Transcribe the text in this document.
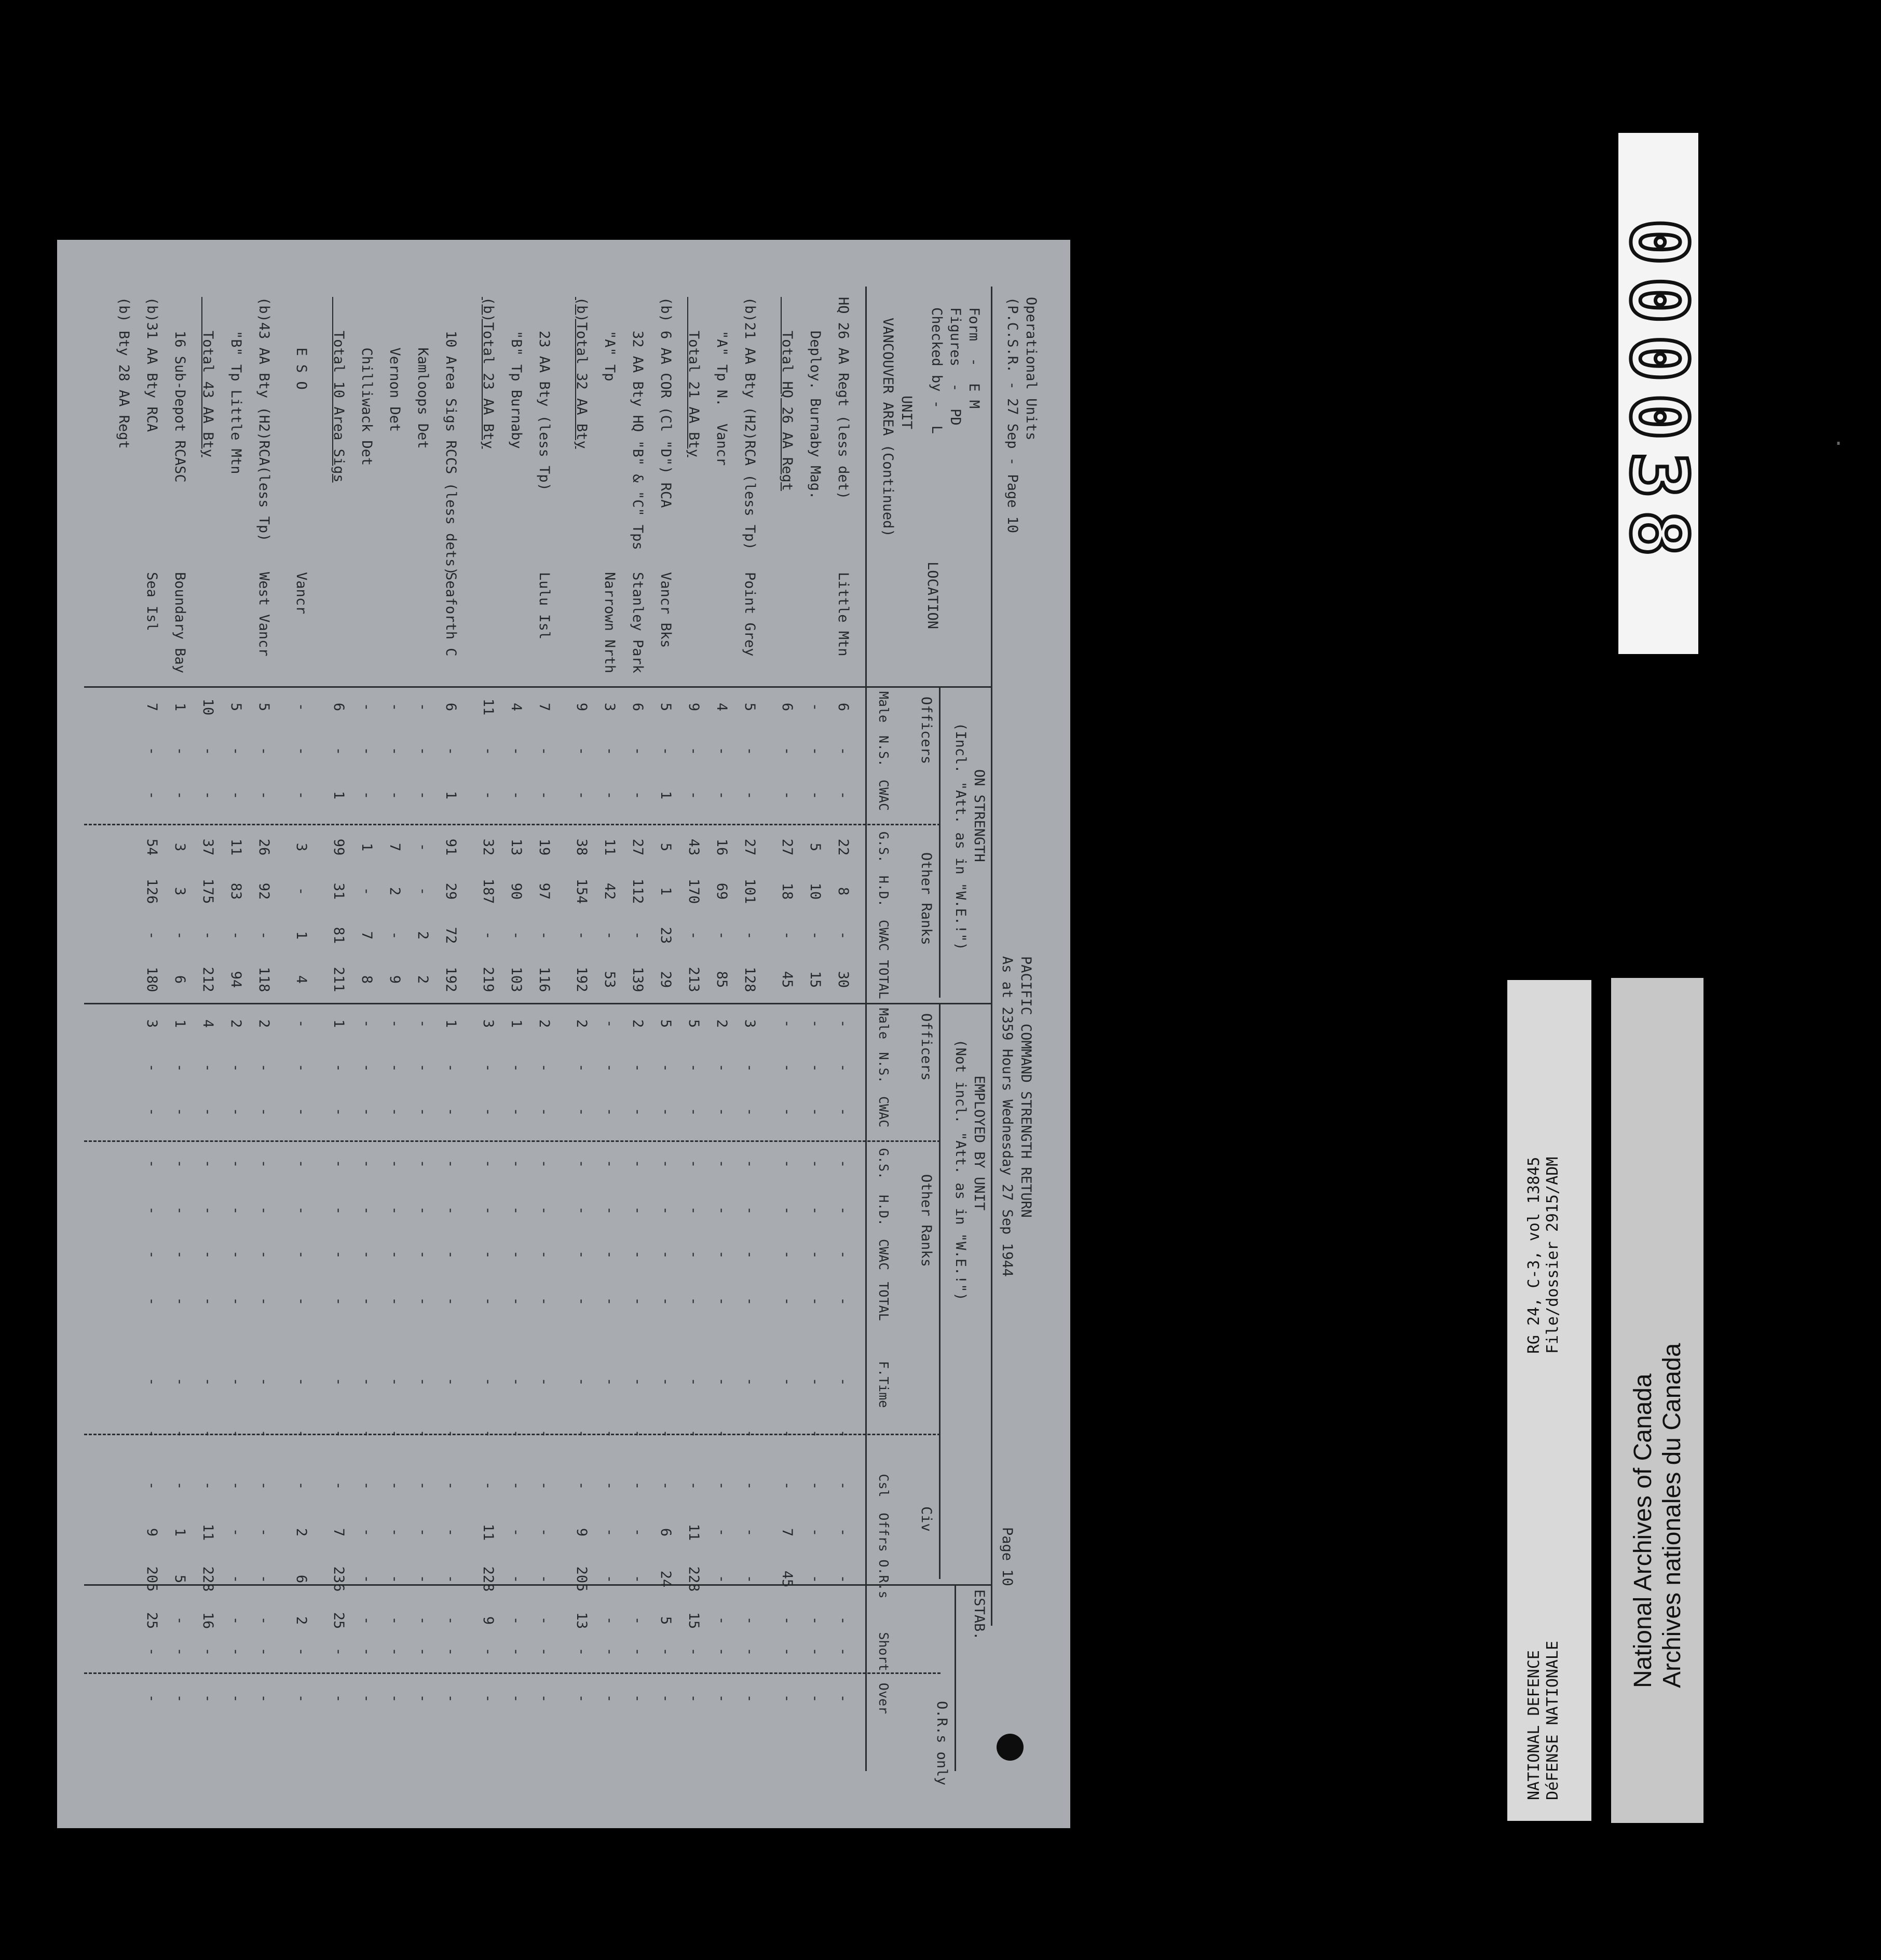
Operational Units
(P.C.S.R. - 27 Sep - Page 10
PACIFIC COMMAND STRENGTH RETURN
As at 2359 Hours Wednesday 27 Sep 1944
Page 10
Form  -  E M
Figures  -  PD
Checked by -  L
UNIT
VANCOUVER AREA (Continued)
LOCATION
ON STRENGTH
(Incl. "Att. as in "W.E.!")
EMPLOYED BY UNIT
(Not incl. "Att. as in "W.E.!")
ESTAB.
Officers
Other Ranks
Officers
Other Ranks
Civ
O.R.s only
HQ 26 AA Regt (less det)
Little Mtn
6
-
-
22
8
-
30
-
-
-
-
-
-
-
-
-
-
-
-
-
-
-
Deploy. Burnaby Mag.
-
-
-
5
10
-
15
-
-
-
-
-
-
-
-
-
-
-
-
-
-
-
Total HQ 26 AA Regt
6
-
-
27
18
-
45
-
-
-
-
-
-
-
-
-
-
7
45
-
-
-
(b)21 AA Bty (H2)RCA (less Tp)
Point Grey
5
-
-
27
101
-
128
3
-
-
-
-
-
-
-
-
-
-
-
-
-
-
"A" Tp N.  Vancr
4
-
-
16
69
-
85
2
-
-
-
-
-
-
-
-
-
-
-
-
-
-
Total 21 AA Bty
9
-
-
43
170
-
213
5
-
-
-
-
-
-
-
-
-
11
228
15
-
-
(b) 6 AA COR (Cl "D") RCA
Vancr Bks
5
-
1
5
1
23
29
5
-
-
-
-
-
-
-
-
-
6
24
5
-
-
32 AA Bty HQ "B" & "C" Tps
Stanley Park
6
-
-
27
112
-
139
2
-
-
-
-
-
-
-
-
-
-
-
-
-
-
"A" Tp
Narrown Nrth
3
-
-
11
42
-
53
-
-
-
-
-
-
-
-
-
-
-
-
-
-
-
(b)Total 32 AA Bty
9
-
-
38
154
-
192
2
-
-
-
-
-
-
-
-
-
9
205
13
-
-
23 AA Bty (less Tp)
Lulu Isl
7
-
-
19
97
-
116
2
-
-
-
-
-
-
-
-
-
-
-
-
-
-
"B" Tp Burnaby
4
-
-
13
90
-
103
1
-
-
-
-
-
-
-
-
-
-
-
-
-
-
(b)Total 23 AA Bty
11
-
-
32
187
-
219
3
-
-
-
-
-
-
-
-
-
11
228
9
-
-
10 Area Sigs RCCS (less dets)
Seaforth C
6
-
1
91
29
72
192
1
-
-
-
-
-
-
-
-
-
-
-
-
-
-
Kamloops Det
-
-
-
-
-
2
2
-
-
-
-
-
-
-
-
-
-
-
-
-
-
-
Vernon Det
-
-
-
7
2
-
9
-
-
-
-
-
-
-
-
-
-
-
-
-
-
-
Chilliwack Det
-
-
-
1
-
7
8
-
-
-
-
-
-
-
-
-
-
-
-
-
-
-
Total 10 Area Sigs
6
-
1
99
31
81
211
1
-
-
-
-
-
-
-
-
-
7
236
25
-
-
E S O
Vancr
-
-
-
3
-
1
4
-
-
-
-
-
-
-
-
-
-
2
6
2
-
-
(b)43 AA Bty (H2)RCA(less Tp)
West Vancr
5
-
-
26
92
-
118
2
-
-
-
-
-
-
-
-
-
-
-
-
-
-
"B" Tp Little Mtn
5
-
-
11
83
-
94
2
-
-
-
-
-
-
-
-
-
-
-
-
-
-
Total 43 AA Bty
10
-
-
37
175
-
212
4
-
-
-
-
-
-
-
-
-
11
228
16
-
-
16 Sub-Depot RCASC
Boundary Bay
1
-
-
3
3
-
6
1
-
-
-
-
-
-
-
-
-
1
5
-
-
-
(b)31 AA Bty RCA
Sea Isl
7
-
-
54
126
-
180
3
-
-
-
-
-
-
-
-
-
9
205
25
-
-
(b) Bty 28 AA Regt
Male
N.S.
CWAC
G.S.
H.D.
CWAC
TOTAL
Male
N.S.
CWAC
G.S.
H.D.
CWAC
TOTAL
F.Time
Csl
Offrs
O.R.s
Short
Over
000038
NATIONAL DEFENCE DéFENSE NATIONALE
RG 24, C-3, vol 13845 File/dossier 2915/ADM
National Archives of Canada Archives nationales du Canada
·
